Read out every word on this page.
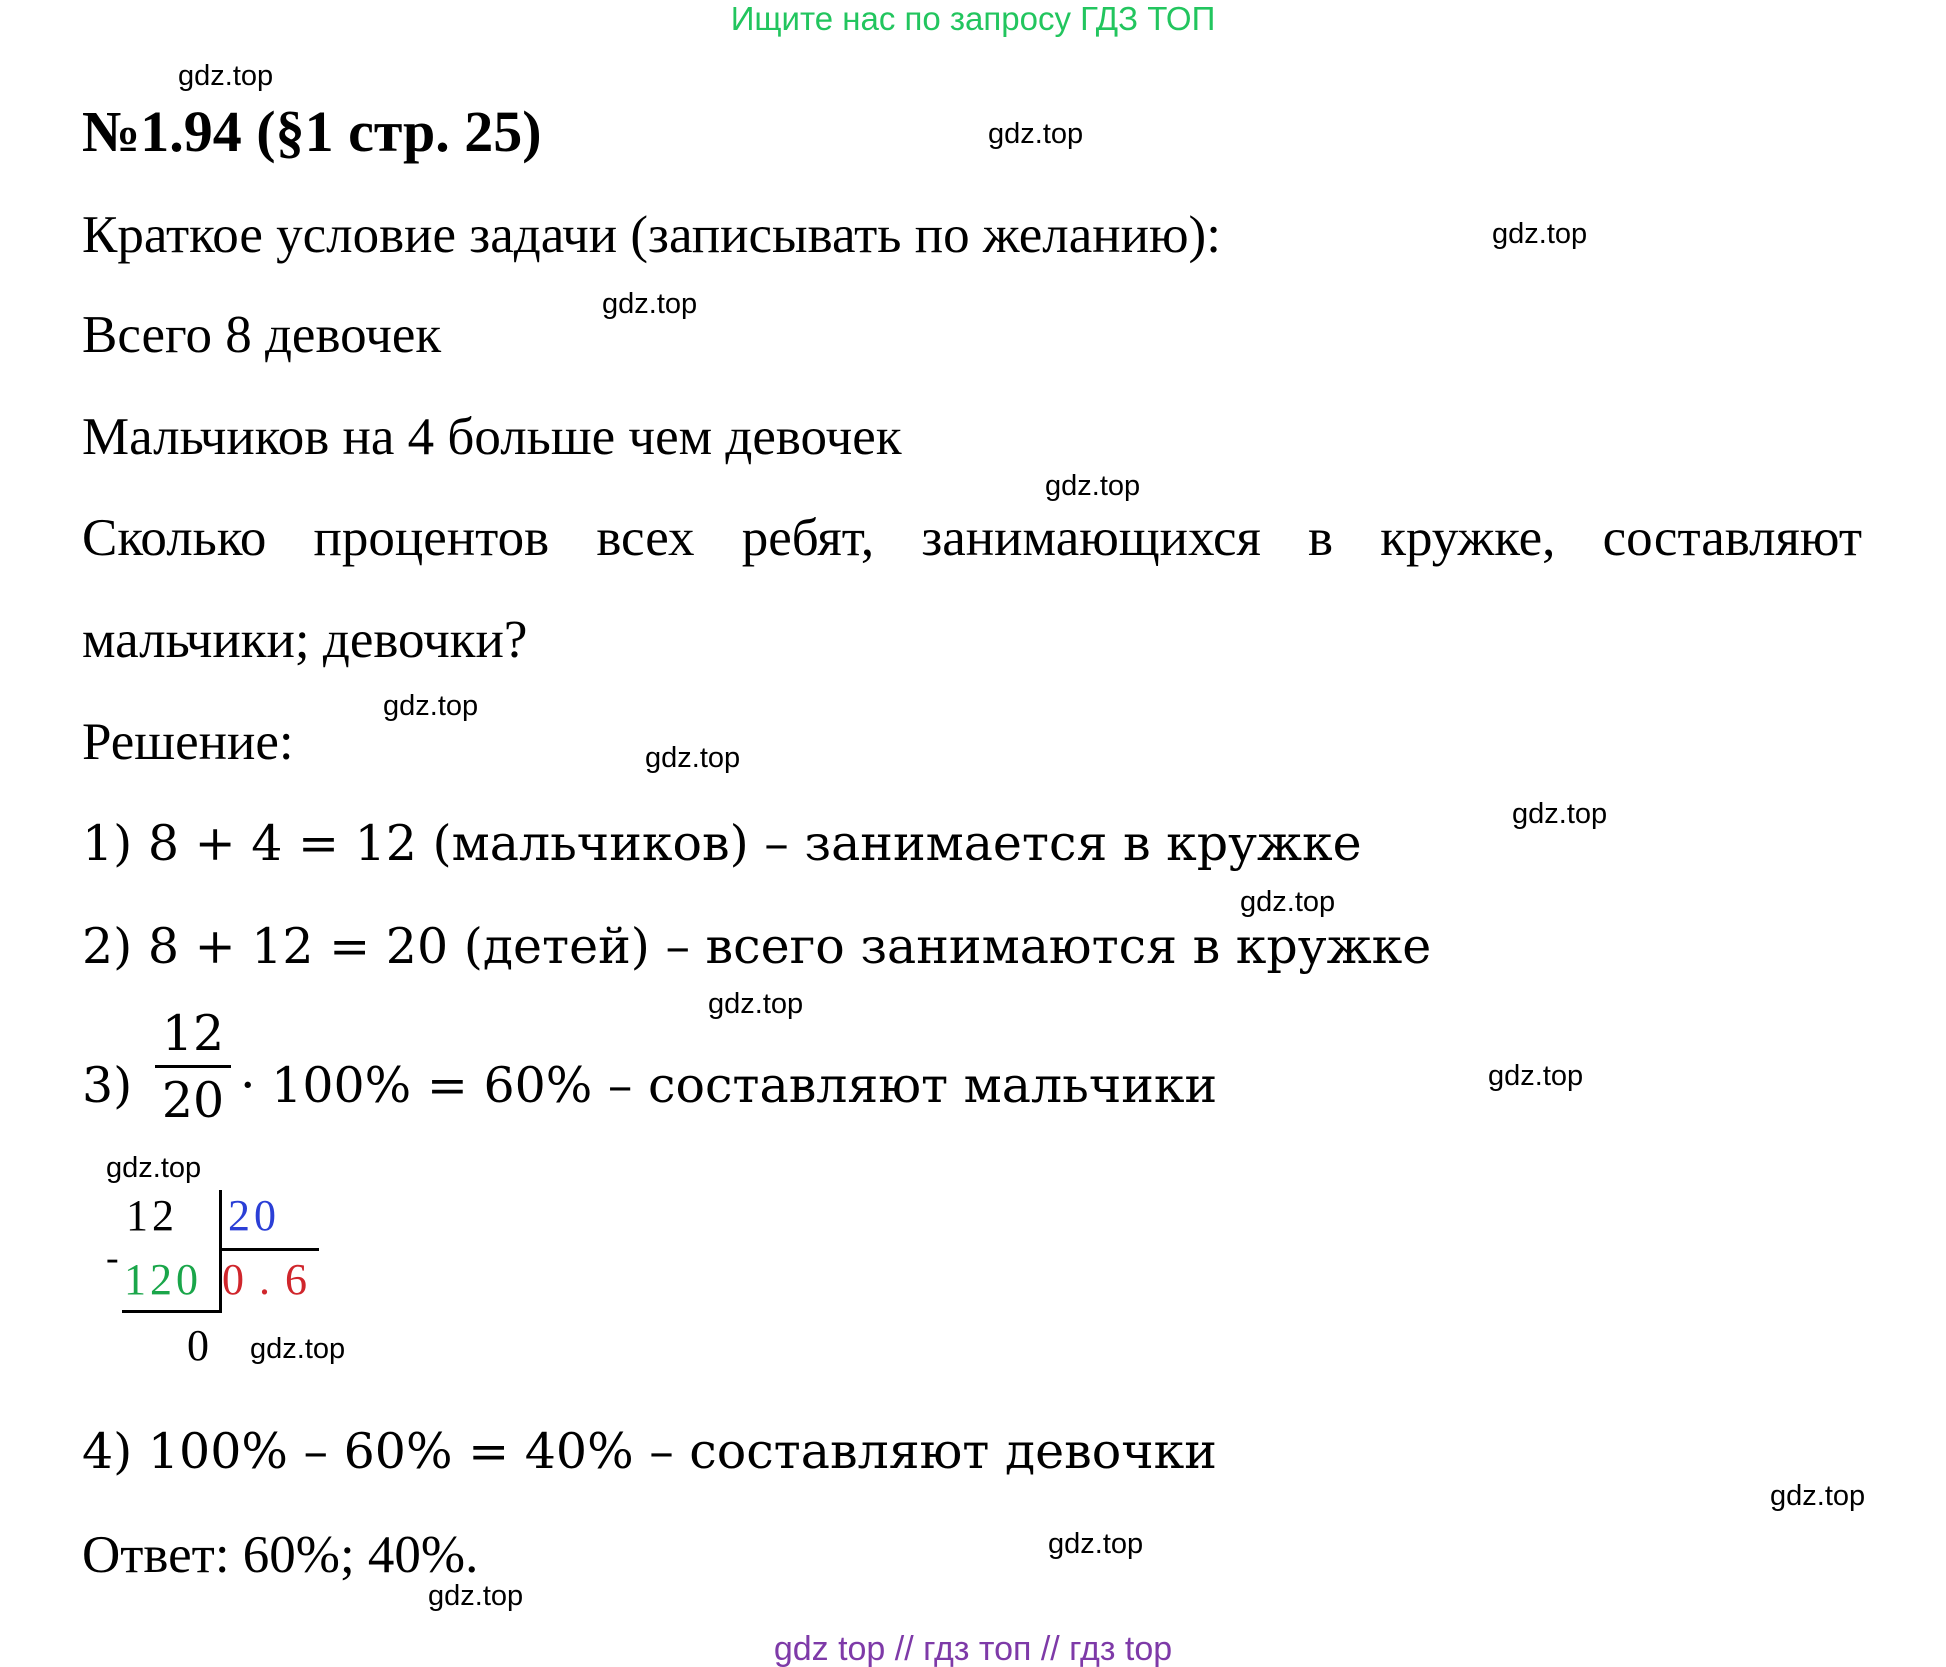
Ищите нас по запросу ГДЗ ТОП
№1.94 (§1 стр. 25)
Краткое условие задачи (записывать по желанию):
Всего 8 девочек
Мальчиков на 4 больше чем девочек
Сколько процентов всех ребят, занимающихся в кружке, составляют
мальчики; девочки?
Решение:
1) 8 + 4 = 12 (мальчиков) – занимается в кружке
2) 8 + 12 = 20 (детей) – всего занимаются в кружке
3)
12
20 · 100% = 60% – составляют мальчики
12 20
- 120 0 . 6
0
4) 100% – 60% = 40% – составляют девочки
Ответ: 60%; 40%.
gdz.top
gdz.top
gdz.top
gdz.top
gdz.top
gdz.top
gdz.top
gdz.top
gdz.top
gdz.top
gdz.top
gdz.top
gdz.top
gdz.top
gdz.top
gdz.top
gdz top // гдз топ // гдз top
